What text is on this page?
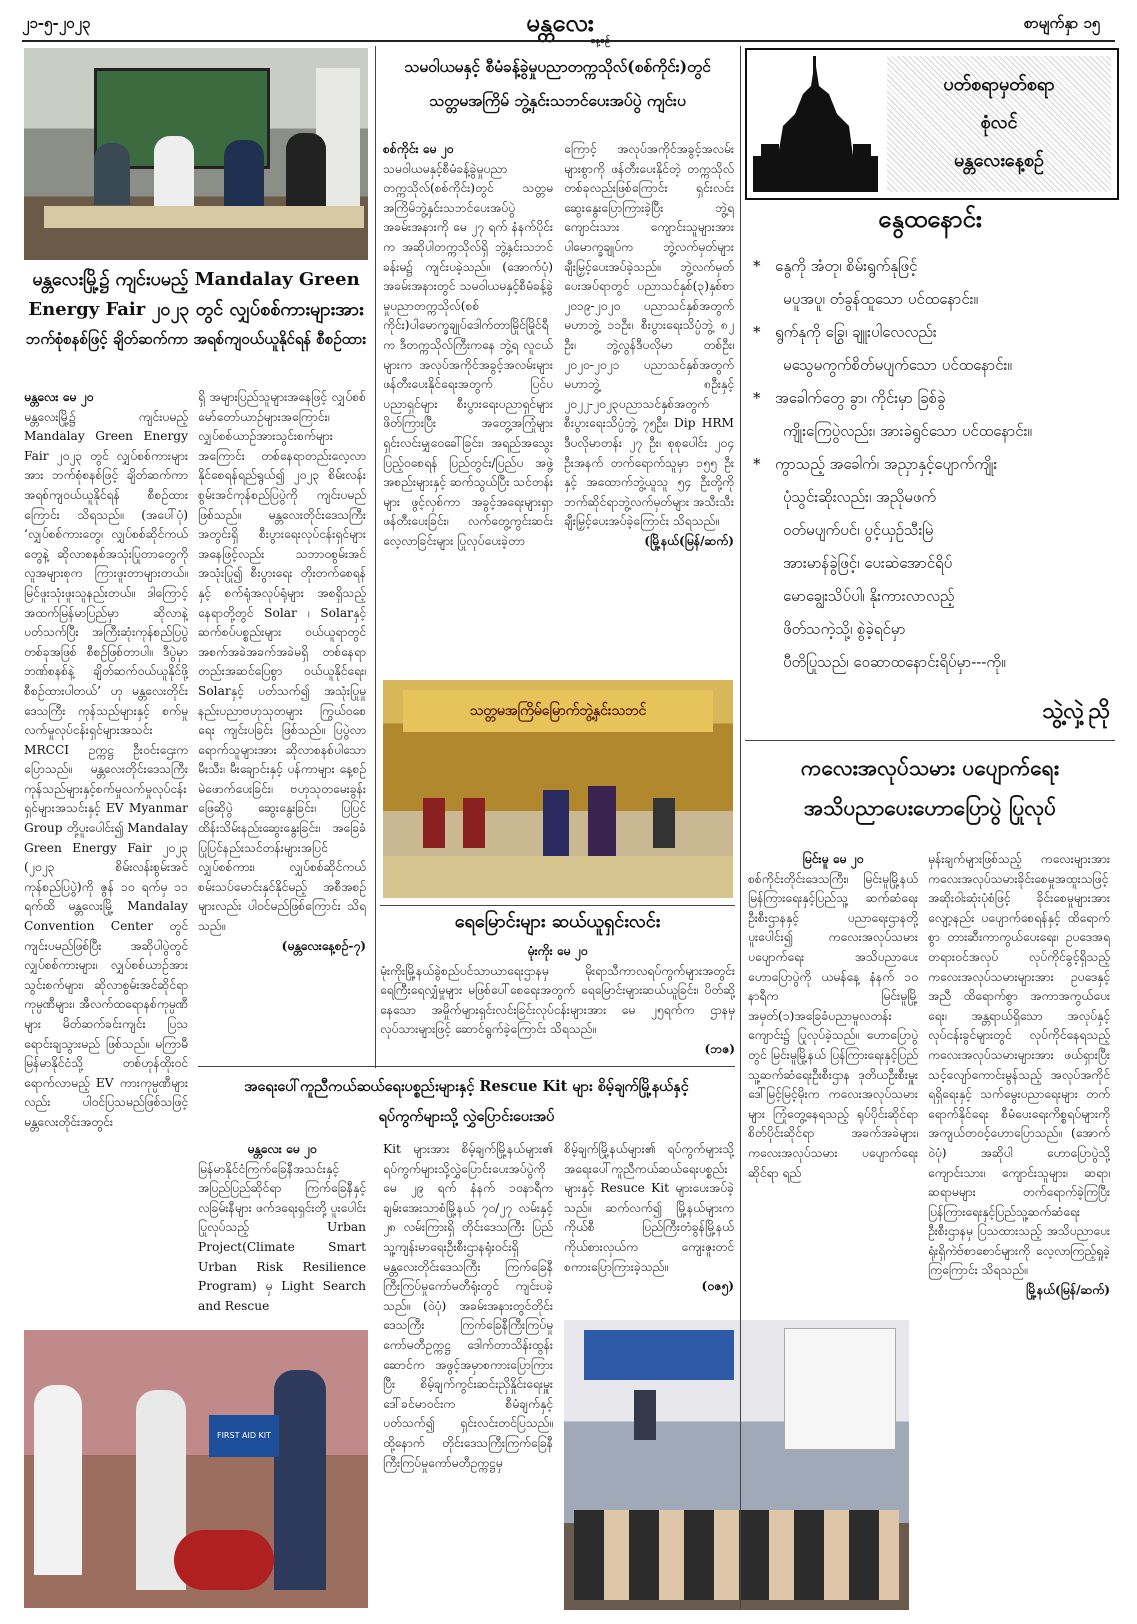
၂၁-၅-၂၀၂၃	မန္တလေး	စာမျက်နှာ ၁၅
မန္တလေးမြို့၌ ကျင်းပမည့် Mandalay Green
Energy Fair ၂၀၂၃ တွင် လျှပ်စစ်ကားများအား
ဘက်စုံစနစ်ဖြင့် ချိတ်ဆက်ကာ အရစ်ကျဝယ်ယူနိုင်ရန် စီစဉ်ထား
မန္တလေး မေ ၂၀
မန္တလေးမြို့၌ ကျင်းပမည့် Mandalay Green Energy Fair ၂၀၂၃ တွင် လျှပ်စစ်ကားများအား ဘက်စုံစနစ်ဖြင့် ချိတ်ဆက်ကာ အရစ်ကျဝယ်ယူနိုင်ရန် စီစဉ်ထားကြောင်း သိရသည်။ (အပေါ်ပုံ) ‘လျှပ်စစ်ကားတွေ၊ လျှပ်စစ်ဆိုင်ကယ်တွေနဲ့ ဆိုလာစနစ်အသုံးပြုတာတွေကို လူအများစုက ကြားဖူးတာများတယ်။ မြင်ဖူးသုံးဖူးသူနည်းတယ်။ ဒါကြောင့်အထက်မြန်မာပြည်မှာ ဆိုလာနဲ့ ပတ်သက်ပြီး အကြီးဆုံးကုန်စည်ပြပွဲတစ်ခုအဖြစ် စီစဉ်ဖြစ်တာပါ။ ဒီပွဲမှာ ဘဏ်စနစ်နဲ့ ချိတ်ဆက်ဝယ်ယူနိုင်ဖို့ စီစဉ်ထားပါတယ်’ ဟု မန္တလေးတိုင်းဒေသကြီး ကုန်သည်များနှင့် စက်မှုလက်မှုလုပ်ငန်းရှင်များအသင်း MRCCI ဥက္ကဋ္ဌ ဦးဝင်းဌေးက ပြောသည်။ မန္တလေးတိုင်းဒေသကြီး ကုန်သည်များနှင့်စက်မှုလက်မှုလုပ်ငန်းရှင်များအသင်းနှင့် EV Myanmar Group တို့ပူးပေါင်း၍ Mandalay Green Energy Fair ၂၀၂၃ (၂၀၂၃ စိမ်းလန်းစွမ်းအင်ကုန်စည်ပြပွဲ)ကို ဇွန် ၁၀ ရက်မှ ၁၁ ရက်ထိ မန္တလေးမြို့ Mandalay Convention Center တွင် ကျင်းပမည်ဖြစ်ပြီး အဆိုပါပွဲတွင် လျှပ်စစ်ကားများ၊ လျှပ်စစ်ယာဉ်အားသွင်းစက်များ၊ ဆိုလာစွမ်းအင်ဆိုင်ရာကုမ္ပဏီများ၊ အီလက်ထရောနစ်ကုမ္ပဏီများ မိတ်ဆက်ခင်းကျင်း ပြသရောင်းချသွားမည် ဖြစ်သည်။ မကြာမီ မြန်မာနိုင်ငံသို့ တစ်ဟုန်ထိုးဝင်ရောက်လာမည့် EV ကားကုမ္ပဏီများလည်း ပါဝင်ပြသမည်ဖြစ်သဖြင့် မန္တလေးတိုင်းအတွင်း
ရှိ အများပြည်သူများအနေဖြင့် လျှပ်စစ်မော်တော်ယာဉ်များအကြောင်း၊ လျှပ်စစ်ယာဉ်အားသွင်းစက်များအကြောင်း တစ်နေရာတည်းလေ့လာနိုင်စေရန်ရည်ရွယ်၍ ၂၀၂၃ စိမ်းလန်းစွမ်းအင်ကုန်စည်ပြပွဲကို ကျင်းပမည်ဖြစ်သည်။ မန္တလေးတိုင်းဒေသကြီးအတွင်းရှိ စီးပွားရေးလုပ်ငန်းရှင်များ အနေဖြင့်လည်း သဘာဝစွမ်းအင် အသုံးပြု၍ စီးပွားရေး တိုးတက်စေရန်နှင့် စက်ရုံအလုပ်ရုံများ အစရှိသည့်နေရာတို့တွင် Solar ၊ Solarနှင့် ဆက်စပ်ပစ္စည်းများ ဝယ်ယူရာတွင် အစက်အခဲအခက်အခဲမရှိ တစ်နေရာတည်းအဆင်ပြေစွာ ဝယ်ယူနိုင်ရေး၊ Solarနှင့် ပတ်သက်၍ အသုံးပြုမှုနည်းပညာဗဟုသုတများ ကြွယ်ဝစေရေး ကျင်းပခြင်း ဖြစ်သည်။ ပြပွဲလာရောက်သူများအား ဆိုလာစနစ်ပါသော မီးသီး၊ မီးချောင်းနှင့် ပန်ကာများ နေ့စဉ်မဲဖောက်ပေးခြင်း၊ ဗဟုသုတမေးခွန်းဖြေဆိုပွဲ ဆွေးနွေးခြင်း၊ ပြပြင်ထိန်းသိမ်းနည်းဆွေးနွေးခြင်း၊ အခြေခံပြုပြင်နည်းသင်တန်းများအပြင် လျှပ်စစ်ကား၊ လျှပ်စစ်ဆိုင်ကယ် စမ်းသပ်မောင်းနှင်နိုင်မည့် အစီအစဉ်များလည်း ပါဝင်မည်ဖြစ်ကြောင်း သိရသည်။
(မန္တလေးနေ့စဉ်-၇)
သမဝါယမနှင့် စီမံခန့်ခွဲမှုပညာတက္ကသိုလ်(စစ်ကိုင်း)တွင်
သတ္တမအကြိမ် ဘွဲ့နှင်းသဘင်ပေးအပ်ပွဲ ကျင်းပ
စစ်ကိုင်း မေ ၂၀
သမဝါယမနှင့်စီမံခန့်ခွဲမှုပညာတက္ကသိုလ်(စစ်ကိုင်း)တွင် သတ္တမအကြိမ်ဘွဲ့နှင်းသဘင်ပေးအပ်ပွဲအခမ်းအနားကို မေ ၂၇ ရက် နံနက်ပိုင်းက အဆိုပါတက္ကသိုလ်ရှိ ဘွဲ့နှင်းသဘင်ခန်းမ၌ ကျင်းပခဲ့သည်။ (အောက်ပုံ) အခမ်းအနားတွင် သမဝါယမနှင့်စီမံခန့်ခွဲမှုပညာတက္ကသိုလ်(စစ်ကိုင်း)ပါမောက္ခချုပ်ဒေါက်တာမြိုင်မြိုင်ရီက ဒီတက္ကသိုလ်ကြီးကနေ ဘွဲ့ရ လူငယ်များက အလုပ်အကိုင်အခွင့်အလမ်းများ ဖန်တီးပေးနိုင်ရေးအတွက် ပြင်ပပညာရှင်များ စီးပွားရေးပညာရှင်များဖိတ်ကြားပြီး အတွေ့အကြုံများ ရှင်းလင်းမျှဝေခေါ်ခြင်း၊ အရည်အသွေးပြည့်ဝစေရန် ပြည်တွင်း/ပြည်ပ အဖွဲ့အစည်းများနှင့် ဆက်သွယ်ပြီး သင်တန်းများ ဖွင့်လှစ်ကာ အခွင့်အရေးများရှာ ဖန်တီးပေးခြင်း၊ လက်တွေ့ကွင်းဆင်းလေ့လာခြင်းများ ပြုလုပ်ပေးခဲ့တာ
ကြောင့် အလုပ်အကိုင်အခွင့်အလမ်းများစွာကို ဖန်တီးပေးနိုင်တဲ့ တက္ကသိုလ်တစ်ခုလည်းဖြစ်ကြောင်း ရှင်းလင်းဆွေးနွေးပြောကြားခဲ့ပြီး ဘွဲ့ရကျောင်းသား ကျောင်းသူများအား ပါမောက္ခချုပ်က ဘွဲ့လက်မှတ်များ ချီးမြှင့်ပေးအပ်ခဲ့သည်။ ဘွဲ့လက်မှတ်ပေးအပ်ရာတွင် ပညာသင်နှစ်(၃)နှစ်စာ ၂၀၁၉-၂၀၂၀ ပညာသင်နှစ်အတွက် မဟာဘွဲ့ ၁၁ဦး၊ စီးပွားရေးသိပ္ပံဘွဲ့ ၈၂ ဦး၊ ဘွဲ့လွန်ဒီပလိုမာ တစ်ဦး၊ ၂၀၂၀-၂၀၂၁ ပညာသင်နှစ်အတွက် မဟာဘွဲ့ ၈ဦးနှင့် ၂၀၂၂-၂၀၂၃ပညာသင်နှစ်အတွက် စီးပွားရေးသိပ္ပံဘွဲ့ ၇၅ဦး၊ Dip HRM ဒီပလိုမာတန်း ၂၇ ဦး၊ စုစုပေါင်း ၂၀၄ ဦးအနက် တက်ရောက်သူမှာ ၁၅၅ ဦးနှင့် အထောက်ဘွဲ့ယူသူ ၅၄ ဦးတို့ကို ဘက်ဆိုင်ရာဘွဲ့လက်မှတ်များ အသီးသီးချီးမြှင့်ပေးအပ်ခဲ့ကြောင်း သိရသည်။
(မြို့နယ်(မြန်/ဆက်)
သတ္တမအကြိမ်မြောက်ဘွဲ့နှင်းသဘင်
ရေမြောင်းများ ဆယ်ယူရှင်းလင်း
မုံးကိုး မေ ၂၀
မုံးကိုးမြို့နယ်ခွဲစည်ပင်သာယာရေးဌာနမှ မိုးရာသီကာလရပ်ကွက်များအတွင်း ရေကြီးရေလျှံမှုများ မဖြစ်ပေါ်စေရေးအတွက် ရေမြောင်းများဆယ်ယူခြင်း၊ ပိတ်ဆို့နေသော အမှိုက်များရှင်းလင်းခြင်းလုပ်ငန်းများအား မေ ၂၅ရက်က ဌာနမှ လုပ်သားများဖြင့် ဆောင်ရွက်ခဲ့ကြောင်း သိရသည်။
(ဘဇ)
အရေးပေါ်ကူညီကယ်ဆယ်ရေးပစ္စည်းများနှင့် Rescue Kit များ စိမ့်ချက်မြို့နယ်နှင့်
ရပ်ကွက်များသို့ လွှဲပြောင်းပေးအပ်
မန္တလေး မေ ၂၀
မြန်မာနိုင်ငံကြက်ခြေနီအသင်းနှင့်အပြည်ပြည်ဆိုင်ရာ ကြက်ခြေနီနှင့်လခြမ်းနီများ ဖက်ဒရေးရှင်းတို့ ပူးပေါင်းပြုလုပ်သည့် Urban Project(Climate Smart Urban Risk Resilience Program) မှ Light Search and Rescue
Kit များအား စိမ့်ချက်မြို့နယ်များ၏ ရပ်ကွက်များသို့လွှဲပြောင်းပေးအပ်ပွဲကို မေ ၂၉ ရက် နံနက် ၁၀နာရီက ချမ်းအေးသာစံမြို့နယ် ၇၀/၂၇ လမ်းနှင့် ၂၈ လမ်းကြားရှိ တိုင်းဒေသကြီး ပြည်သူ့ကျန်းမာရေးဦးစီးဌာနရုံး၀င်းရှိ မန္တလေးတိုင်းဒေသကြီး ကြက်ခြေနီကြီးကြပ်မှုကော်မတီရုံးတွင် ကျင်းပခဲ့သည်။ (ဝဲပုံ) အခမ်းအနားတွင်တိုင်းဒေသကြီး ကြက်ခြေနီကြီးကြပ်မှုကော်မတီဥက္ကဋ္ဌ ဒေါက်တာသိန်းထွန်းဆောင်က အဖွင့်အမှာစကားပြောကြားပြီး စိမ့်ချက်ကွင်းဆင်းညှိနှိုင်းရေးမှူး ဒေါ်ခင်မာဝင်းက စီမံချက်နှင့် ပတ်သက်၍ ရှင်းလင်းတင်ပြသည်။ ထို့နောက် တိုင်းဒေသကြီးကြက်ခြေနီကြီးကြပ်မှုကော်မတီဥက္ကဋ္ဌမှ
စိမ့်ချက်မြို့နယ်များ၏ ရပ်ကွက်များသို့ အရေးပေါ်ကူညီကယ်ဆယ်ရေးပစ္စည်းများနှင့် Resuce Kit များပေးအပ်ခဲ့သည်။ ဆက်လက်၍ မြို့နယ်များက ကိုယ်စီ ပြည်ကြီးတံခွန်မြို့နယ်ကိုယ်စားလှယ်က ကျေးဇူးတင်စကားပြောကြားခဲ့သည်။
(ဝဇ၅)
FIRST AID KIT
ပတ်စရာမှတ်စရာ
စုံလင်
မန္တလေးနေ့စဉ်
နွေထနောင်း
*နွေကို အံတု၊ စိမ်းရွက်နုဖြင့်
မပူအပူ၊ တံခွန်ထူသော ပင်ထနောင်း။
*ရွက်နုကို ခြွေ၊ ချူးပါလေလည်း
မသွေမကွက်စိတ်မပျက်သော ပင်ထနောင်း။
*အခေါက်တွေ ခွာ၊ ကိုင်းမှာ ခြစ်ခွဲ
ကျိုးကြေပွဲလည်း၊ အားခဲရွင်သော ပင်ထနောင်း။
*ကွာသည့် အခေါက်၊ အညှာနှင့်ပျောက်ကျိုး
ပုံသွင်းဆိုးလည်း၊ အညိုမဖက်
ဝတ်မပျက်ပင်၊ ပွင့်ယှဉ်သီးမြဲ
အားမာန်ခွဲဖြင့်၊ ပေးဆဲအောင်ရိပ်
မောချွေးသိပ်ပါ၊ နိုးကားလာလည့်
ဖိတ်သကဲ့သို့၊ စွဲခဲ့ရင်မှာ
ပီတိပြုသည်၊ ဝေဆာထနောင်းရိပ်မှာ---ကို။
သွဲ့လှဲ့ညို
ကလေးအလုပ်သမား ပပျောက်ရေး
အသိပညာပေးဟောပြောပွဲ ပြုလုပ်
မြင်းမူ မေ ၂၀
စစ်ကိုင်းတိုင်းဒေသကြီး၊ မြင်းမူမြို့နယ် မြန်ကြားရေးနှင့်ပြည်သူ့ ဆက်ဆံရေးဦးစီးဌာနနှင့် ပညာရေးဌာနတို့ ပူးပေါင်း၍ ကလေးအလုပ်သမားပပျောက်ရေး အသိပညာပေးဟောပြောပွဲကို ယမန်နေ့ နံနက် ၁၀ နာရီက မြင်းမူမြို့ အမှတ်(၁)အခြေခံပညာမူလတန်းကျောင်း၌ ပြုလုပ်ခဲ့သည်။ ဟောပြောပွဲတွင် မြင်းမူမြို့နယ် ပြန်ကြားရေးနှင့်ပြည်သူ့ဆက်ဆံရေးဦးစီးဌာန ဒုတိယဦးစီးမှူး ဒေါ်မြင့်မြင့်မိုးက ကလေးအလုပ်သမားများ ကြုံတွေ့နေရသည့် ရုပ်ပိုင်းဆိုင်ရာ စိတ်ပိုင်းဆိုင်ရာ အခက်အခဲများ၊ ကလေးအလုပ်သမား ပပျောက်ရေးဆိုင်ရာ ရည်
မှန်းချက်များဖြစ်သည့် ကလေးများအား ကလေးအလုပ်သမားခိုင်းစေမှုအထူးသဖြင့် အဆိုးဝါးဆုံးပုံစံဖြင့် ခိုင်းစေမှုများအား လျော့နည်း ပပျောက်စေရန်နှင့် ထိရောက်စွာ တားဆီးကာကွယ်ပေးရေး၊ ဥပဒေအရ တရားဝင်အလုပ် လုပ်ကိုင်ခွင့်ရှိသည့် ကလေးအလုပ်သမားများအား ဥပဒေနှင့်အညီ ထိရောက်စွာ အကာအကွယ်ပေးရေး၊ အန္တရာယ်ရှိသော အလုပ်နှင့် လုပ်ငန်းခွင်များတွင် လုပ်ကိုင်နေရသည့် ကလေးအလုပ်သမားများအား ဖယ်ရှားပြီးသင့်လျော်ကောင်းမွန်သည့် အလုပ်အကိုင်ရရှိရေးနှင့် သက်မွေးပညာရေးများ တက်ရောက်နိုင်ရေး စီမံပေးရေးကိစ္စရပ်များကို အကျယ်တဝင့်ဟောပြောသည်။ (အောက်ဝဲပုံ) အဆိုပါ ဟောပြောပွဲသို့ ကျောင်းသား၊ ကျောင်းသူများ၊ ဆရာ၊ဆရာမများ တက်ရောက်ခဲ့ကြပြီး ပြန်ကြားရေးနှင့်ပြည်သူ့ဆက်ဆံရေးဦးစီးဌာနမှ ပြသထားသည့် အသိပညာပေးရုံးရှိကဲဗ်စာစောင်များကို လေ့လာကြည့်ရှုခဲ့ကြကြောင်း သိရသည်။
မြို့နယ်(မြန်/ဆက်)
